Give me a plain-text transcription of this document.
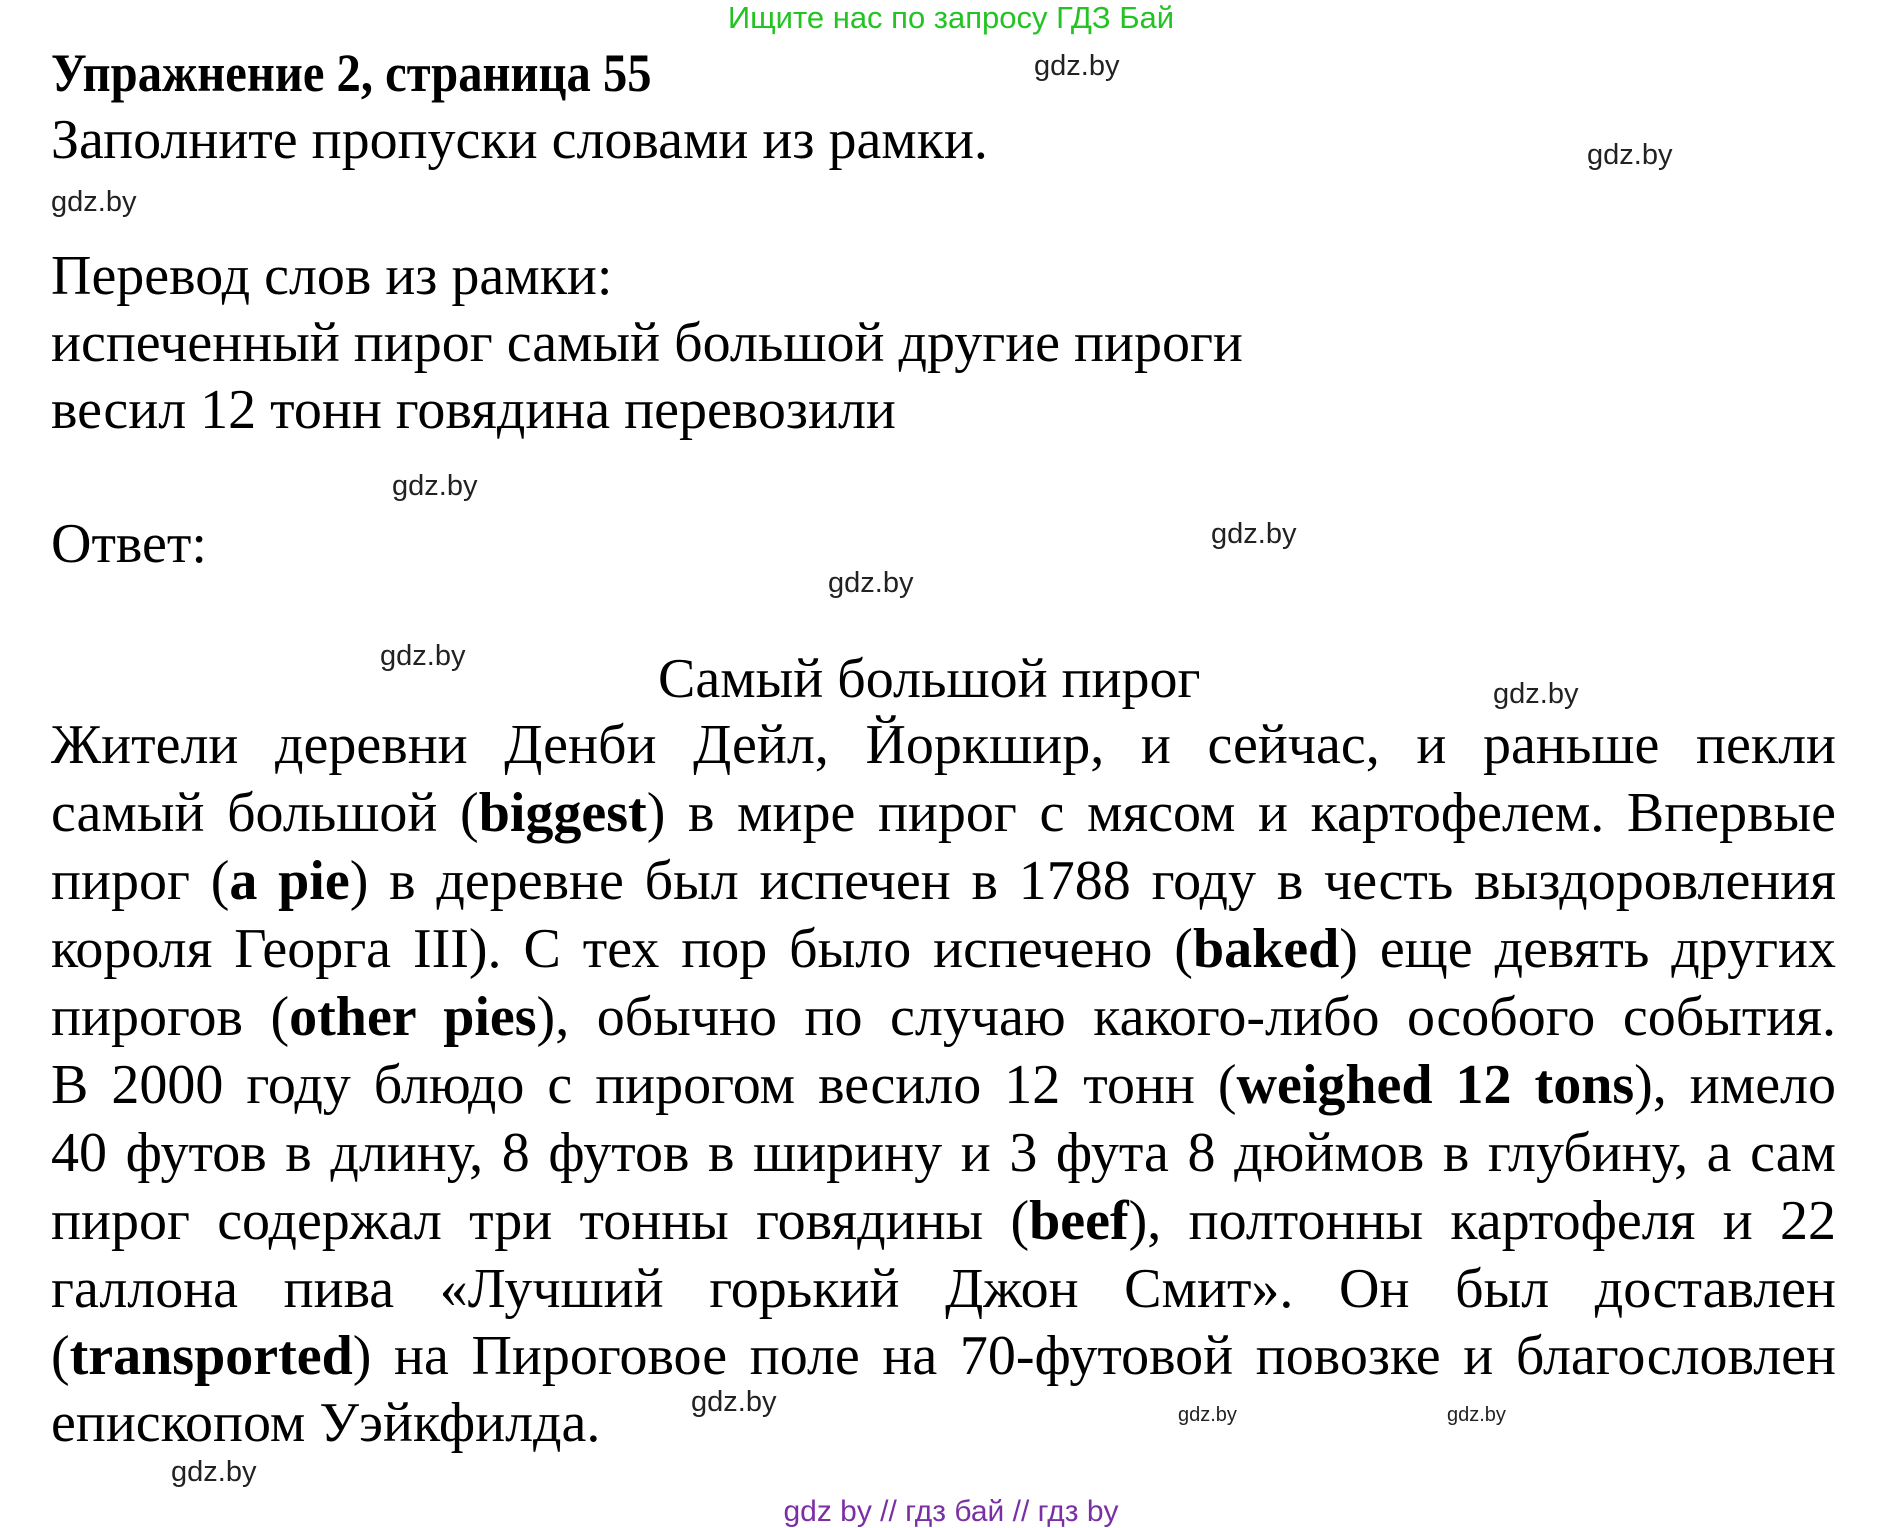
Ищите нас по запросу ГДЗ Бай
Упражнение 2, страница 55
Заполните пропуски словами из рамки.
Перевод слов из рамки:
испеченный пирог самый большой другие пироги
весил 12 тонн говядина перевозили
Ответ:
Самый большой пирог
Жители деревни Денби Дейл, Йоркшир, и сейчас, и раньше пекли
самый большой (biggest) в мире пирог с мясом и картофелем. Впервые
пирог (a pie) в деревне был испечен в 1788 году в честь выздоровления
короля Георга III). С тех пор было испечено (baked) еще девять других
пирогов (other pies), обычно по случаю какого-либо особого события.
В 2000 году блюдо с пирогом весило 12 тонн (weighed 12 tons), имело
40 футов в длину, 8 футов в ширину и 3 фута 8 дюймов в глубину, а сам
пирог содержал три тонны говядины (beef), полтонны картофеля и 22
галлона пива «Лучший горький Джон Смит». Он был доставлен
(transported) на Пироговое поле на 70-футовой повозке и благословлен
епископом Уэйкфилда.
gdz.by
gdz.by
gdz.by
gdz.by
gdz.by
gdz.by
gdz.by
gdz.by
gdz.by
gdz.by
gdz.by
gdz.by
gdz by // гдз бай // гдз by
